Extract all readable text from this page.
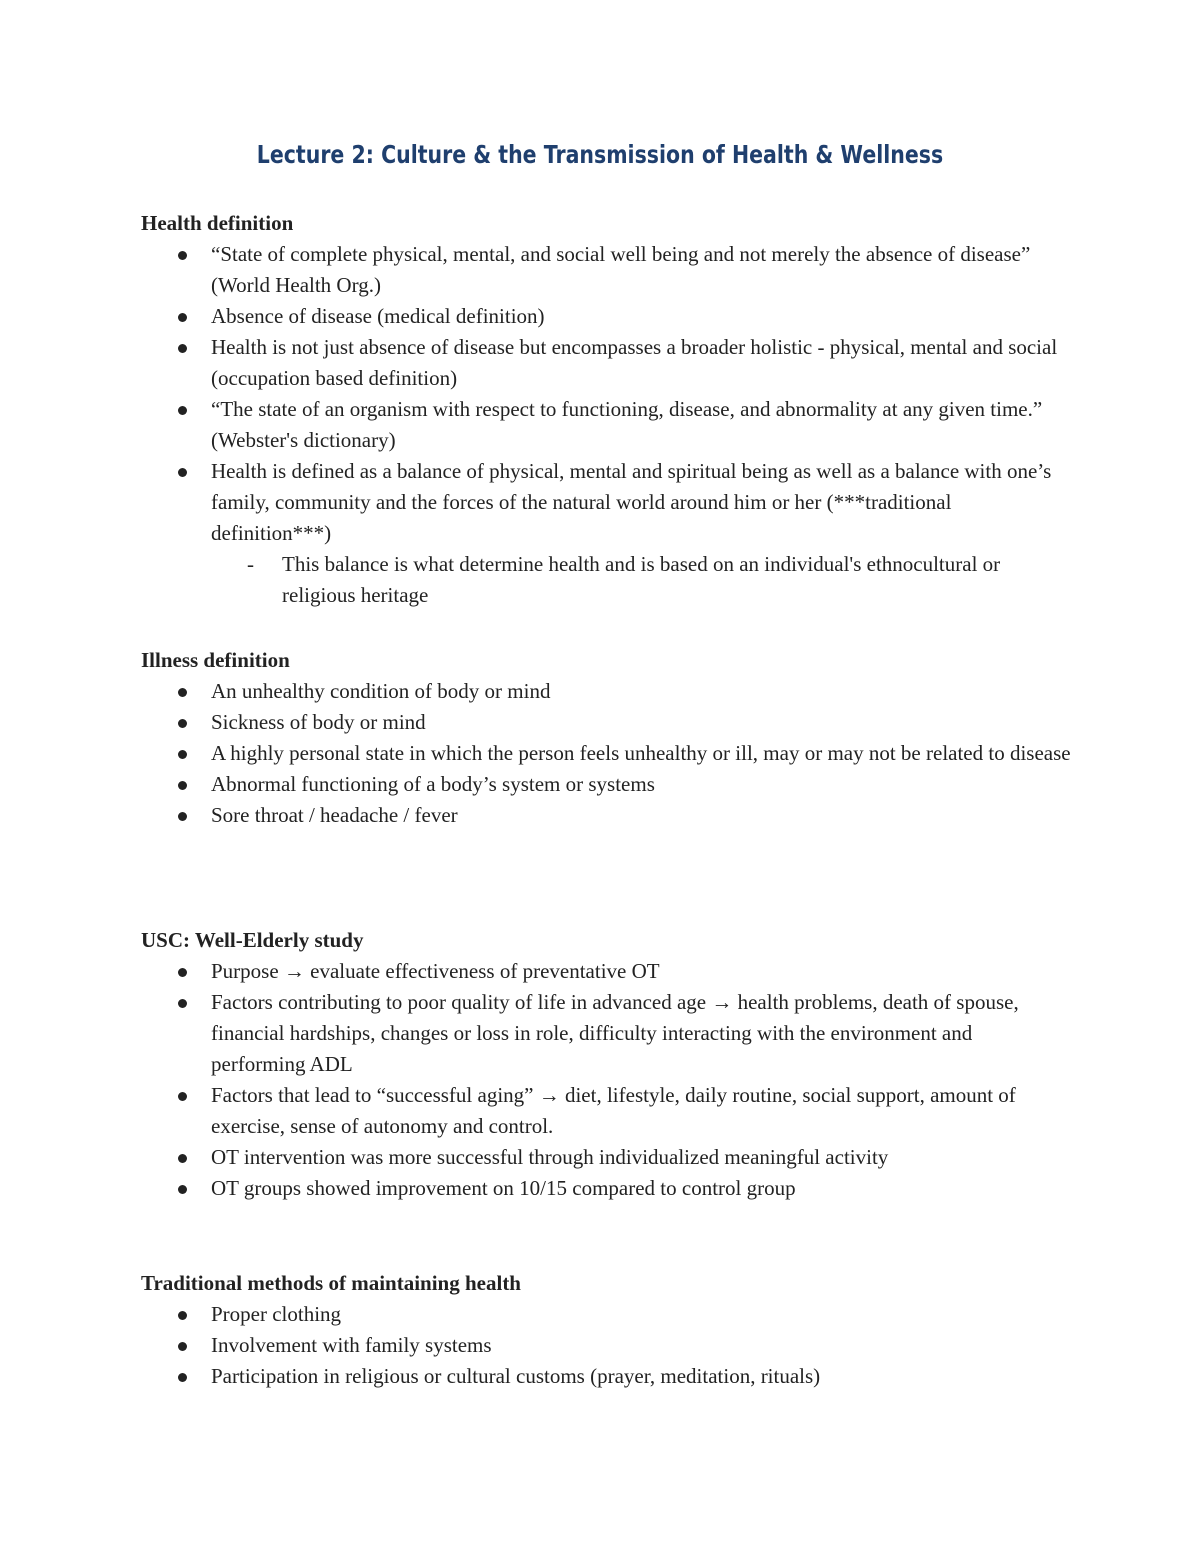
Lecture 2: Culture & the Transmission of Health & Wellness
Health definition
“State of complete physical, mental, and social well being and not merely the absence of disease” (World Health Org.)
Absence of disease (medical definition)
Health is not just absence of disease but encompasses a broader holistic - physical, mental and social (occupation based definition)
“The state of an organism with respect to functioning, disease, and abnormality at any given time.” (Webster's dictionary)
Health is defined as a balance of physical, mental and spiritual being as well as a balance with one’s family, community and the forces of the natural world around him or her (***traditional definition***)
- This balance is what determine health and is based on an individual's ethnocultural or religious heritage
Illness definition
An unhealthy condition of body or mind
Sickness of body or mind
A highly personal state in which the person feels unhealthy or ill, may or may not be related to disease
Abnormal functioning of a body’s system or systems
Sore throat / headache / fever
USC: Well-Elderly study
Purpose → evaluate effectiveness of preventative OT
Factors contributing to poor quality of life in advanced age → health problems, death of spouse, financial hardships, changes or loss in role, difficulty interacting with the environment and performing ADL
Factors that lead to “successful aging” → diet, lifestyle, daily routine, social support, amount of exercise, sense of autonomy and control.
OT intervention was more successful through individualized meaningful activity
OT groups showed improvement on 10/15 compared to control group
Traditional methods of maintaining health
Proper clothing
Involvement with family systems
Participation in religious or cultural customs (prayer, meditation, rituals)
